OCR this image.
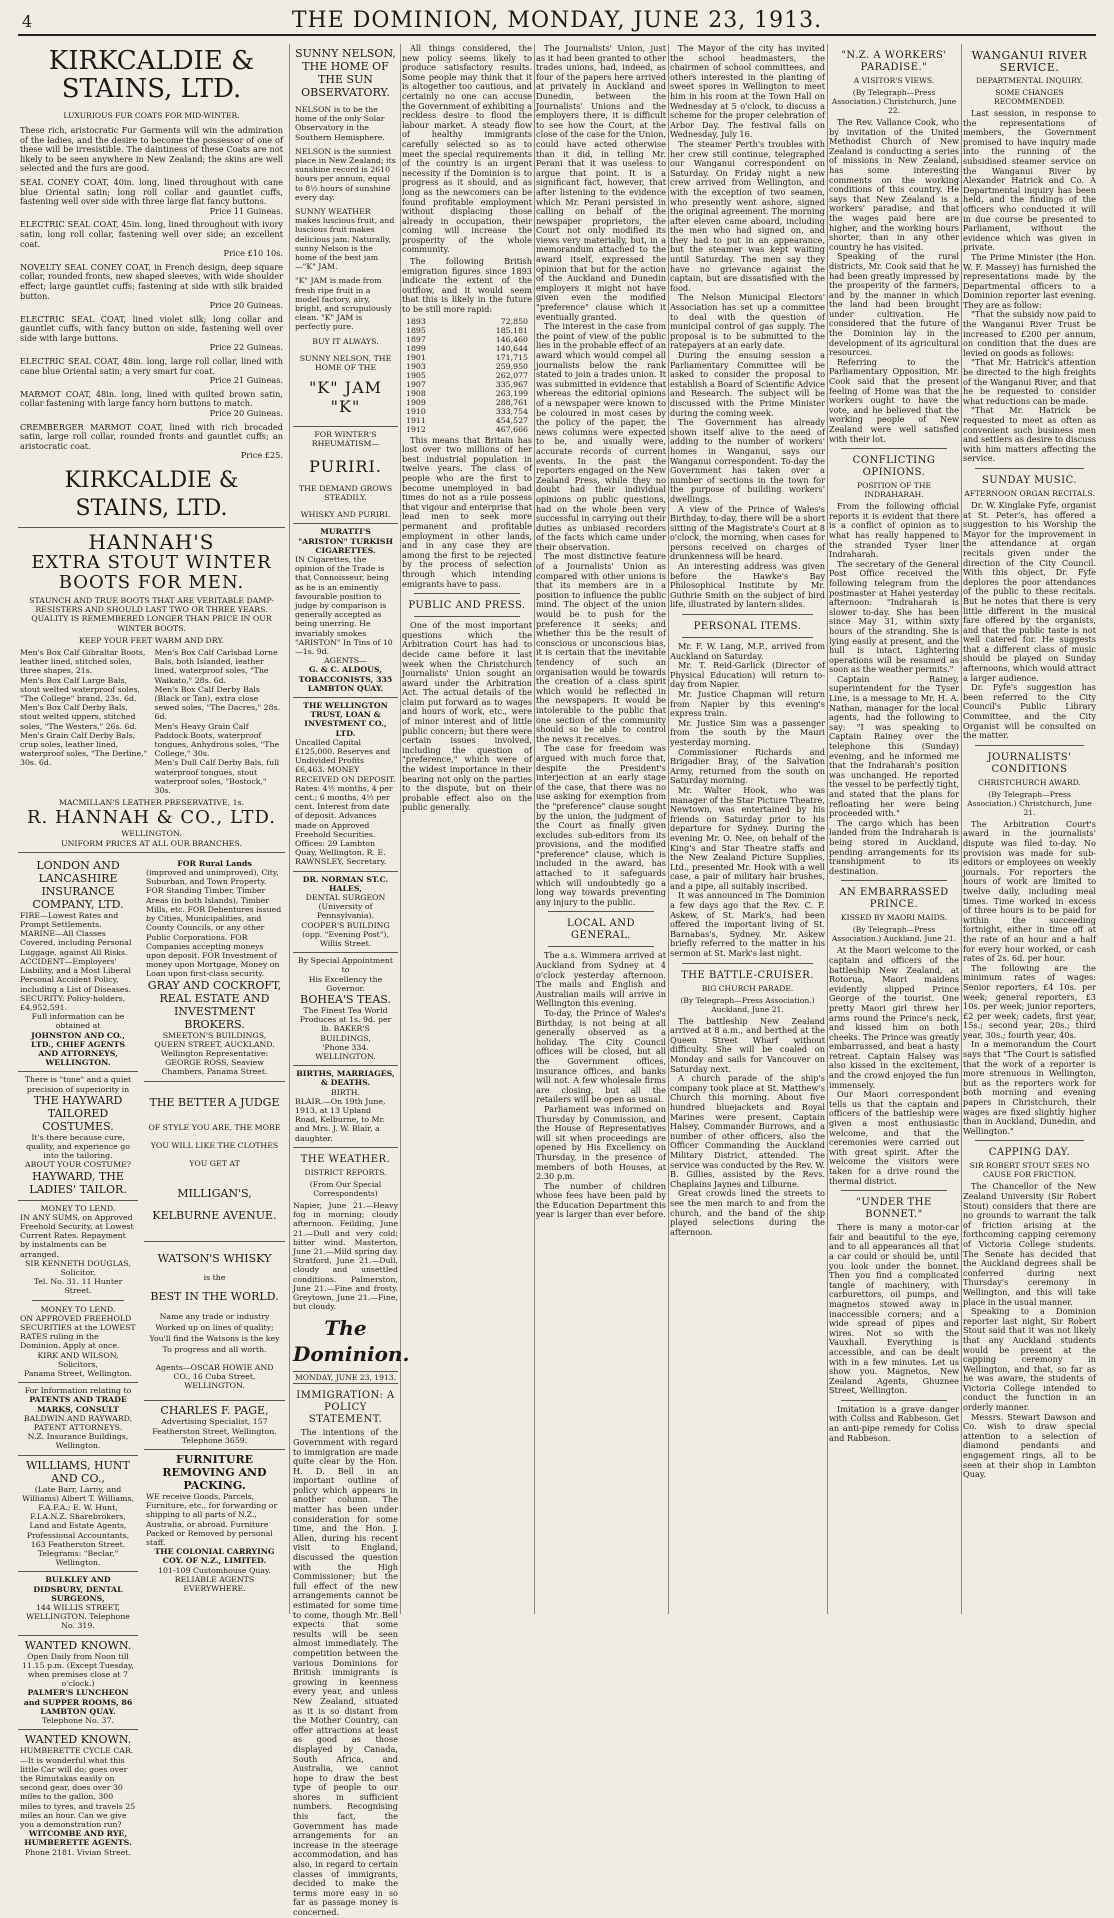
4	THE DOMINION, MONDAY, JUNE 23, 1913.
KIRKCALDIE & STAINS, LTD.
LUXURIOUS FUR COATS FOR MID-WINTER.
These rich, aristocratic Fur Garments will win the admiration of the ladies, and the desire to become the possessor of one of these will be irresistible. The daintiness of these Coats are not likely to be seen anywhere in New Zealand; the skins are well selected and the furs are good.
SEAL CONEY COAT, 40in. long, lined throughout with cane blue Oriental satin; long roll collar and gauntlet cuffs, fastening well over side with three large flat fancy buttons.
Price 11 Guineas.
ELECTRIC SEAL COAT, 45in. long, lined throughout with ivory satin, long roll collar, fastening well over side; an excellent coat.
Price £10 10s.
NOVELTY SEAL CONEY COAT, in French design, deep square collar, rounded fronts, new shaped sleeves, with wide shoulder effect; large gauntlet cuffs; fastening at side with silk braided button.
Price 20 Guineas.
ELECTRIC SEAL COAT, lined violet silk; long collar and gauntlet cuffs, with fancy button on side, fastening well over side with large buttons.
Price 22 Guineas.
ELECTRIC SEAL COAT, 48in. long, large roll collar, lined with cane blue Oriental satin; a very smart fur coat.
Price 21 Guineas.
MARMOT COAT, 48in. long, lined with quilted brown satin, collar fastening with large fancy horn buttons to match.
Price 20 Guineas.
CREMBERGER MARMOT COAT, lined with rich brocaded satin, large roll collar, rounded fronts and gauntlet cuffs; an aristocratic coat.
Price £25.
KIRKCALDIE & STAINS, LTD.
HANNAH'S
EXTRA STOUT WINTER BOOTS FOR MEN.
STAUNCH AND TRUE BOOTS THAT ARE VERITABLE DAMP-RESISTERS AND SHOULD LAST TWO OR THREE YEARS. QUALITY IS REMEMBERED LONGER THAN PRICE IN OUR WINTER BOOTS.
KEEP YOUR FEET WARM AND DRY.

Men's Box Calf Gibraltar Boots, leather lined, stitched soles, three shapes, 21s.

Men's Box Calf Large Bals, stout welted waterproof soles, "The College" brand, 23s. 6d.

Men's Box Calf Derby Bals, stout welted uppers, stitched soles, "The Westers," 26s. 6d.

Men's Grain Calf Derby Bals, crup soles, leather lined, waterproof soles, "The Derline," 30s. 6d.

Men's Box Calf Carlsbad Lorne Bals, both Islanded, leather lined, waterproof soles, "The Waikato," 28s. 6d.

Men's Box Calf Derby Bals (Black or Tan), extra close sewed soles, "The Dacres," 28s. 6d.

Men's Heavy Grain Calf Paddock Boots, waterproof tongues, Anhydrous soles, "The College," 30s.

Men's Dull Calf Derby Bals, full waterproof tongues, stout waterproof soles, "Bostock," 30s.

MACMILLAN'S LEATHER PRESERVATIVE, 1s.
R. HANNAH & CO., LTD.
WELLINGTON.
UNIFORM PRICES AT ALL OUR BRANCHES.
LONDON AND LANCASHIRE INSURANCE COMPANY, LTD.

FIRE—Lowest Rates and Prompt Settlements.

MARINE—All Classes Covered, including Personal Luggage, against All Risks.

ACCIDENT—Employers' Liability, and a Most Liberal Personal Accident Policy, including a List of Diseases.

SECURITY: Policy-holders, £4,952,591.

Full information can be obtained at

JOHNSTON AND CO., LTD., CHIEF AGENTS AND ATTORNEYS, WELLINGTON.

There is "tone" and a quiet precision of superiority in

THE HAYWARD TAILORED COSTUMES.

It's there because cure, quality, and experience go into the tailoring.

ABOUT YOUR COSTUME?

HAYWARD, THE LADIES' TAILOR.

MONEY TO LEND.

IN ANY SUMS, on Approved Freehold Security, at Lowest Current Rates. Repayment by instalments can be arranged.

SIR KENNETH DOUGLAS, Solicitor,

Tel. No. 31. 11 Hunter Street.

MONEY TO LEND.

ON APPROVED FREEHOLD SECURITIES at the LOWEST RATES ruling in the Dominion. Apply at once.

KIRK AND WILSON, Solicitors,

Panama Street, Wellington.

For Information relating to

PATENTS AND TRADE MARKS, CONSULT

BALDWIN AND RAYWARD, PATENT ATTORNEYS.

N.Z. Insurance Buildings, Wellington.

WILLIAMS, HUNT AND CO.,

(Late Barr, Larny, and Williams) Albert T. Williams, F.A.F.A.; E. W. Hunt, F.I.A.N.Z. Sharebrokers, Land and Estate Agents, Professional Accountants, 163 Featherston Street. Telegrams: "Beclar," Wellington.

BULKLEY AND DIDSBURY, DENTAL SURGEONS,

144 WILLIS STREET, WELLINGTON. Telephone No. 319.

WANTED KNOWN.

Open Daily from Noon till 11.15 p.m. (Except Tuesday, when premises close at 7 o'clock.)

PALMER'S LUNCHEON and SUPPER ROOMS, 86 LAMBTON QUAY.

Telephone No. 37.

WANTED KNOWN.

HUMBERETTE CYCLE CAR.—It is wonderful what this little Car will do; goes over the Rimutakas easily on second gear, does over 30 miles to the gallon, 300 miles to tyres, and travels 25 miles an hour. Can we give you a demonstration run?

WITCOMBE AND RYE, HUMBERETTE AGENTS.

Phone 2181. Vivian Street.

FOR Rural Lands

(improved and unimproved), City, Suburban, and Town Property. FOR Standing Timber, Timber Areas (in both Islands), Timber Mills, etc. FOR Debentures issued by Cities, Municipalities, and County Councils, or any other Public Corporations. FOR Companies accepting moneys upon deposit. FOR Investment of money upon Mortgage, Money on Loan upon first-class security.

GRAY AND COCKROFT, REAL ESTATE AND INVESTMENT BROKERS.

SMEETON'S BUILDINGS, QUEEN STREET, AUCKLAND. Wellington Representative: GEORGE ROSS, Seaview Chambers, Panama Street.

THE BETTER A JUDGE

OF STYLE YOU ARE, THE MORE YOU WILL LIKE THE CLOTHES YOU GET AT

MILLIGAN'S, KELBURNE AVENUE.

WATSON'S WHISKY

is the

BEST IN THE WORLD.

Name any trade or industry Worked up on lines of quality; You'll find the Watsons is the key To progress and all worth.

Agents—OSCAR HOWIE AND CO., 16 Cuba Street, WELLINGTON.

CHARLES F. PAGE,

Advertising Specialist, 157 Featherston Street, Wellington. Telephone 3659.

FURNITURE REMOVING AND PACKING.

WE receive Goods, Parcels, Furniture, etc., for forwarding or shipping to all parts of N.Z., Australia, or abroad. Furniture Packed or Removed by personal staff.

THE COLONIAL CARRYING COY. OF N.Z., LIMITED.

101-109 Customhouse Quay. RELIABLE AGENTS EVERYWHERE.

SUNNY NELSON, THE HOME OF THE SUN OBSERVATORY.

NELSON is to be the home of the only Solar Observatory in the Southern Hemisphere.

NELSON is the sunniest place in New Zealand; its sunshine record is 2610 hours per annum, equal to 8½ hours of sunshine every day.

SUNNY WEATHER makes luscious fruit, and luscious fruit makes delicious jam. Naturally, sunny Nelson is the home of the best jam—"K" JAM.

"K" JAM is made from fresh ripe fruit in a model factory, airy, bright, and scrupulously clean. "K" JAM is perfectly pure.

BUY IT ALWAYS.

SUNNY NELSON, THE HOME OF THE

"K" JAM "K"

FOR WINTER'S RHEUMATISM—

PURIRI.

THE DEMAND GROWS STEADILY.

WHISKY AND PURIRI.

MURATTI'S "ARISTON" TURKISH CIGARETTES.

IN Cigarettes, the opinion of the Trade is that Connoisseur, being as he is an eminently favourable position to judge by comparison is generally accepted as being unerring. He invariably smokes "ARISTON" In Tins of 10—1s. 9d.

AGENTS—

G. & C. ALDOUS, TOBACCONISTS, 335 LAMBTON QUAY.

THE WELLINGTON TRUST, LOAN & INVESTMENT CO., LTD.

Uncalled Capital £125,000. Reserves and Undivided Profits £6,463. MONEY RECEIVED ON DEPOSIT. Rates: 4½ months, 4 per cent.; 6 months, 4½ per cent. Interest from date of deposit. Advances made on Approved Freehold Securities. Offices: 29 Lambton Quay, Wellington. R. E. RAWNSLEY, Secretary.

DR. NORMAN ST.C. HALES,

DENTAL SURGEON (University of Pennsylvania). COOPER'S BUILDING (opp. "Evening Post"), Willis Street.

By Special Appointment to

His Excellency the Governor.

BOHEA'S TEAS.

The Finest Tea World Produces at 1s. 9d. per lb. BAKER'S BUILDINGS,

'Phone 334. WELLINGTON.

BIRTHS, MARRIAGES, & DEATHS.

BIRTH.

BLAIR.—On 19th June, 1913, at 13 Upland Road, Kelburne, to Mr. and Mrs. J. W. Blair, a daughter.

THE WEATHER.

DISTRICT REPORTS.

(From Our Special Correspondents)

Napier, June 21.—Heavy fog in morning; cloudy afternoon. Feilding, June 21.—Dull and very cold; bitter wind. Masterton, June 21.—Mild spring day. Stratford, June 21.—Dull, cloudy and unsettled conditions. Palmerston, June 21.—Fine and frosty. Greytown, June 21.—Fine, but cloudy.

The Dominion.
MONDAY, JUNE 23, 1913.

IMMIGRATION: A POLICY STATEMENT.

The intentions of the Government with regard to immigration are made quite clear by the Hon. H. D. Bell in an important outline of policy which appears in another column. The matter has been under consideration for some time, and the Hon. J. Allen, during his recent visit to England, discussed the question with the High Commissioner; but the full effect of the new arrangements cannot be estimated for some time to come, though Mr. Bell expects that some results will be seen almost immediately. The competition between the various Dominions for British immigrants is growing in keenness every year, and unless New Zealand, situated as it is so distant from the Mother Country, can offer attractions at least as good as those displayed by Canada, South Africa, and Australia, we cannot hope to draw the best type of people to our shores in sufficient numbers. Recognising this fact, the Government has made arrangements for an increase in the steerage accommodation, and has also, in regard to certain classes of immigrants, decided to make the terms more easy in so far as passage money is concerned.

All things considered, the new policy seems likely to produce satisfactory results. Some people may think that it is altogether too cautious, and certainly no one can accuse the Government of exhibiting a reckless desire to flood the labour market. A steady flow of healthy immigrants carefully selected so as to meet the special requirements of the country is an urgent necessity if the Dominion is to progress as it should, and as long as the newcomers can be found profitable employment without displacing those already in occupation, their coming will increase the prosperity of the whole community.

The following British emigration figures since 1893 indicate the extent of the outflow, and it would seem that this is likely in the future to be still more rapid:

1893	72,850
1895	185,181
1897	146,460
1899	140,644
1901	171,715
1903	259,950
1905	262,077
1907	335,967
1908	263,199
1909	288,761
1910	333,754
1911	454,527
1912	467,666

This means that Britain has lost over two millions of her best industrial population in twelve years. The class of people who are the first to become unemployed in bad times do not as a rule possess that vigour and enterprise that lead men to seek more permanent and profitable employment in other lands, and in any case they are among the first to be rejected by the process of selection through which intending emigrants have to pass.

PUBLIC AND PRESS.

One of the most important questions which the Arbitration Court has had to decide came before it last week when the Christchurch Journalists' Union sought an award under the Arbitration Act. The actual details of the claim put forward as to wages and hours of work, etc., were of minor interest and of little public concern; but there were certain issues involved, including the question of "preference," which were of the widest importance in their bearing not only on the parties to the dispute, but on their probable effect also on the public generally.

The Journalists' Union, just as it had been granted to other trades unions, had, indeed, as four of the papers here arrived at privately in Auckland and Dunedin, between the Journalists' Unions and the employers there, it is difficult to see how the Court, at the close of the case for the Union, could have acted otherwise than it did, in telling Mr. Perani that it was useless to argue that point. It is a significant fact, however, that after listening to the evidence which Mr. Perani persisted in calling on behalf of the newspaper proprietors, the Court not only modified its views very materially, but, in a memorandum attached to the award itself, expressed the opinion that but for the action of the Auckland and Dunedin employers it might not have given even the modified "preference" clause which it eventually granted.

The interest in the case from the point of view of the public lies in the probable effect of an award which would compel all journalists below the rank stated to join a trades union. It was submitted in evidence that whereas the editorial opinions of a newspaper were known to be coloured in most cases by the policy of the paper, the news columns were expected to be, and usually were, accurate records of current events. In the past the reporters engaged on the New Zealand Press, while they no doubt had their individual opinions on public questions, had on the whole been very successful in carrying out their duties as unbiased recorders of the facts which came under their observation.

The most distinctive feature of a Journalists' Union as compared with other unions is that its members are in a position to influence the public mind. The object of the union would be to push for the preference it seeks; and whether this be the result of conscious or unconscious bias, it is certain that the inevitable tendency of such an organisation would be towards the creation of a class spirit which would be reflected in the newspapers. It would be intolerable to the public that one section of the community should so be able to control the news it receives.

The case for freedom was argued with much force that, despite the President's interjection at an early stage of the case, that there was no use asking for exemption from the "preference" clause sought by the union, the judgment of the Court as finally given excludes sub-editors from its provisions, and the modified "preference" clause, which is included in the award, has attached to it safeguards which will undoubtedly go a long way towards preventing any injury to the public.

LOCAL AND GENERAL.

The a.s. Wimmera arrived at Auckland from Sydney at 4 o'clock yesterday afternoon. The mails and English and Australian mails will arrive in Wellington this evening.

To-day, the Prince of Wales's Birthday, is not being at all generally observed as a holiday. The City Council offices will be closed, but all the Government offices, insurance offices, and banks will not. A few wholesale firms are closing, but all the retailers will be open as usual.

Parliament was informed on Thursday by Commission, and the House of Representatives will sit when proceedings are opened by His Excellency on Thursday, in the presence of members of both Houses, at 2.30 p.m.

The number of children whose fees have been paid by the Education Department this year is larger than ever before.

The Mayor of the city has invited the school headmasters, the chairmen of school committees, and others interested in the planting of sweet spores in Wellington to meet him in his room at the Town Hall on Wednesday at 5 o'clock, to discuss a scheme for the proper celebration of Arbor Day. The festival falls on Wednesday, July 16.

The steamer Perth's troubles with her crew still continue, telegraphed our Wanganui correspondent on Saturday. On Friday night a new crew arrived from Wellington, and with the exception of two seamen, who presently went ashore, signed the original agreement. The morning after eleven came aboard, including the men who had signed on, and they had to put in an appearance, but the steamer was kept waiting until Saturday. The men say they have no grievance against the captain, but are dissatisfied with the food.

The Nelson Municipal Electors' Association has set up a committee to deal with the question of municipal control of gas supply. The proposal is to be submitted to the ratepayers at an early date.

During the ensuing session a Parliamentary Committee will be asked to consider the proposal to establish a Board of Scientific Advice and Research. The subject will be discussed with the Prime Minister during the coming week.

The Government has already shown itself alive to the need of adding to the number of workers' homes in Wanganui, says our Wanganui correspondent. To-day the Government has taken over a number of sections in the town for the purpose of building workers' dwellings.

A view of the Prince of Wales's Birthday, to-day, there will be a short sitting of the Magistrate's Court at 8 o'clock, the morning, when cases for persons received on charges of drunkenness will be heard.

An interesting address was given before the Hawke's Bay Philosophical Institute by Mr. Guthrie Smith on the subject of bird life, illustrated by lantern slides.

PERSONAL ITEMS.

Mr. F. W. Lang, M.P., arrived from Auckland on Saturday.

Mr. T. Reid-Garlick (Director of Physical Education) will return to-day from Napier.

Mr. Justice Chapman will return from Napier by this evening's express train.

Mr. Justice Sim was a passenger from the south by the Mauri yesterday morning.

Commissioner Richards and Brigadier Bray, of the Salvation Army, returned from the south on Saturday morning.

Mr. Walter Hook, who was manager of the Star Picture Theatre, Newtown, was entertained by his friends on Saturday prior to his departure for Sydney. During the evening Mr. O. Nee, on behalf of the King's and Star Theatre staffs and the New Zealand Picture Supplies, Ltd., presented Mr. Hook with a well case, a pair of military hair brushes, and a pipe, all suitably inscribed.

It was announced in The Dominion a few days ago that the Rev. C. F. Askew, of St. Mark's, had been offered the important living of St. Barnabas's, Sydney. Mr. Askew briefly referred to the matter in his sermon at St. Mark's last night.

THE BATTLE-CRUISER.

BIG CHURCH PARADE.

(By Telegraph—Press Association.) Auckland, June 21.

The battleship New Zealand arrived at 8 a.m., and berthed at the Queen Street Wharf without difficulty. She will be coaled on Monday and sails for Vancouver on Saturday next.

A church parade of the ship's company took place at St. Matthew's Church this morning. About five hundred bluejackets and Royal Marines were present. Captain Halsey, Commander Burrows, and a number of other officers, also the Officer Commanding the Auckland Military District, attended. The service was conducted by the Rev. W. B. Gillies, assisted by the Revs. Chaplains Jaynes and Lilburne.

Great crowds lined the streets to see the men march to and from the church, and the band of the ship played selections during the afternoon.

"N.Z. A WORKERS' PARADISE."

A VISITOR'S VIEWS.

(By Telegraph—Press Association.) Christchurch, June 22.

The Rev. Vallance Cook, who by invitation of the United Methodist Church of New Zealand is conducting a series of missions in New Zealand, has some interesting comments on the working conditions of this country. He says that New Zealand is a workers' paradise, and that the wages paid here are higher, and the working hours shorter, than in any other country he has visited.

Speaking of the rural districts, Mr. Cook said that he had been greatly impressed by the prosperity of the farmers, and by the manner in which the land had been brought under cultivation. He considered that the future of the Dominion lay in the development of its agricultural resources.

Referring to the Parliamentary Opposition, Mr. Cook said that the present feeling of Home was that the workers ought to have the vote, and he believed that the working people of New Zealand were well satisfied with their lot.

CONFLICTING OPINIONS.

POSITION OF THE INDRAHARAH.

From the following official reports it is evident that there is a conflict of opinion as to what has really happened to the stranded Tyser liner Indraharah.

The secretary of the General Post Office received the following telegram from the postmaster at Hahei yesterday afternoon: "Indraharah is slower to-day. She has been since May 31, within sixty hours of the stranding. She is lying easily at present, and the hull is intact. Lightering operations will be resumed as soon as the weather permits."

Captain Rainey, superintendent for the Tyser Line, is a message to Mr. H. A. Nathan, manager for the local agents, had the following to say: "I was speaking to Captain Rainey over the telephone this (Sunday) evening, and he informed me that the Indraharah's position was unchanged. He reported the vessel to be perfectly tight, and stated that the plans for refloating her were being proceeded with."

The cargo which has been landed from the Indraharah is being stored in Auckland, pending arrangements for its transhipment to its destination.

AN EMBARRASSED PRINCE.

KISSED BY MAORI MAIDS.

(By Telegraph—Press Association.) Auckland, June 21.

At the Maori welcome to the captain and officers of the battleship New Zealand, at Rotorua, Maori maidens evidently slipped Prince George of the tourist. One pretty Maori girl threw her arms round the Prince's neck, and kissed him on both cheeks. The Prince was greatly embarrassed, and beat a hasty retreat. Captain Halsey was also kissed in the excitement, and the crowd enjoyed the fun immensely.

Our Maori correspondent tells us that the captain and officers of the battleship were given a most enthusiastic welcome, and that the ceremonies were carried out with great spirit. After the welcome the visitors were taken for a drive round the thermal district.

"UNDER THE BONNET."

There is many a motor-car fair and beautiful to the eye, and to all appearances all that a car could or should be, until you look under the bonnet. Then you find a complicated tangle of machinery, with carburettors, oil pumps, and magnetos stowed away in inaccessible corners; and a wide spread of pipes and wires. Not so with the Vauxhall. Everything is accessible, and can be dealt with in a few minutes. Let us show you. Magnetos, New Zealand Agents, Ghuznee Street, Wellington.

Imitation is a grave danger with Coliss and Rabbeson. Get an anti-pipe remedy for Coliss and Rabbeson.

WANGANUI RIVER SERVICE.

DEPARTMENTAL INQUIRY.

SOME CHANGES RECOMMENDED.

Last session, in response to the representations of members, the Government promised to have inquiry made into the running of the subsidised steamer service on the Wanganui River by Alexander Hatrick and Co. A Departmental inquiry has been held, and the findings of the officers who conducted it will in due course be presented to Parliament, without the evidence which was given in private.

The Prime Minister (the Hon. W. F. Massey) has furnished the representations made by the Departmental officers to a Dominion reporter last evening. They are as follow:

"That the subsidy now paid to the Wanganui River Trust be increased to £200 per annum, on condition that the dues are levied on goods as follows:

"That Mr. Hatrick's attention be directed to the high freights of the Wanganui River, and that he be requested to consider what reductions can be made.

"That Mr. Hatrick be requested to meet as often as convenient such business men and settlers as desire to discuss with him matters affecting the service.

SUNDAY MUSIC.

AFTERNOON ORGAN RECITALS.

Dr. W. Kinglake Fyfe, organist at St. Peter's, has offered a suggestion to his Worship the Mayor for the improvement in the attendance at organ recitals given under the direction of the City Council. With this object, Dr. Fyfe deplores the poor attendances of the public to these recitals. But he notes that there is very little different in the musical fare offered by the organists, and that the public taste is not well catered for. He suggests that a different class of music should be played on Sunday afternoons, which would attract a larger audience.

Dr. Fyfe's suggestion has been referred to the City Council's Public Library Committee, and the City Organist will be consulted on the matter.

JOURNALISTS' CONDITIONS

CHRISTCHURCH AWARD.

(By Telegraph—Press Association.) Christchurch, June 21.

The Arbitration Court's award in the journalists' dispute was filed to-day. No provision was made for sub-editors or employees on weekly journals. For reporters the hours of work are limited to twelve daily, including meal times. Time worked in excess of three hours is to be paid for within the succeeding fortnight, either in time off at the rate of an hour and a half for every hour worked, or cash rates of 2s. 6d. per hour.

The following are the minimum rates of wages: Senior reporters, £4 10s. per week; general reporters, £3 10s. per week; junior reporters, £2 per week; cadets, first year, 15s.; second year, 20s.; third year, 30s.; fourth year, 40s.

In a memorandum the Court says that "The Court is satisfied that the work of a reporter is more strenuous in Wellington, but as the reporters work for both morning and evening papers in Christchurch, their wages are fixed slightly higher than in Auckland, Dunedin, and Wellington."

CAPPING DAY.

SIR ROBERT STOUT SEES NO CAUSE FOR FRICTION.

The Chancellor of the New Zealand University (Sir Robert Stout) considers that there are no grounds to warrant the talk of friction arising at the forthcoming capping ceremony of Victoria College students. The Senate has decided that the Auckland degrees shall be conferred during next Thursday's ceremony in Wellington, and this will take place in the usual manner.

Speaking to a Dominion reporter last night, Sir Robert Stout said that it was not likely that any Auckland students would be present at the capping ceremony in Wellington, and that, so far as he was aware, the students of Victoria College intended to conduct the function in an orderly manner.

Messrs. Stewart Dawson and Co. wish to draw special attention to a selection of diamond pendants and engagement rings, all to be seen at their shop in Lambton Quay.
